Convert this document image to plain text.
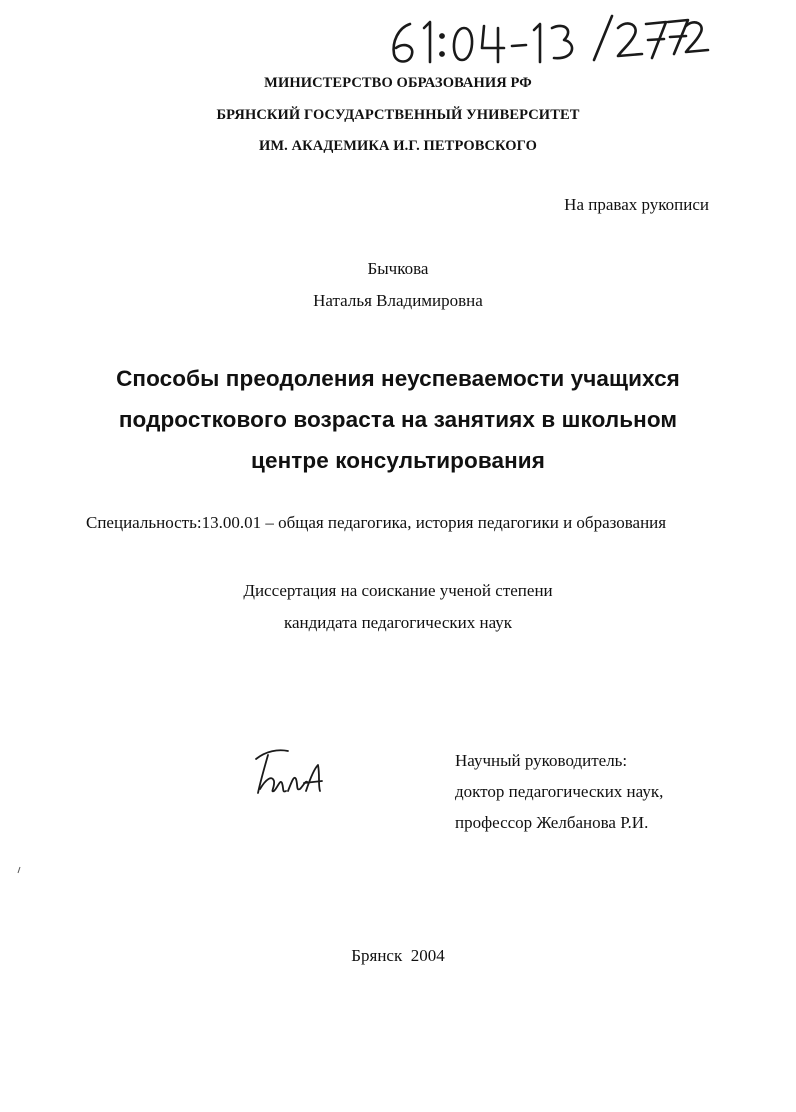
МИНИСТЕРСТВО ОБРАЗОВАНИЯ РФ
БРЯНСКИЙ ГОСУДАРСТВЕННЫЙ УНИВЕРСИТЕТ
ИМ. АКАДЕМИКА И.Г. ПЕТРОВСКОГО
На правах рукописи
Бычкова
Наталья Владимировна
Способы преодоления неуспеваемости учащихся
подросткового возраста на занятиях в школьном
центре консультирования
Специальность:13.00.01 – общая педагогика, история педагогики и образования
Диссертация на соискание ученой степени
кандидата педагогических наук
Научный руководитель:
доктор педагогических наук,
профессор Желбанова Р.И.
Брянск  2004
